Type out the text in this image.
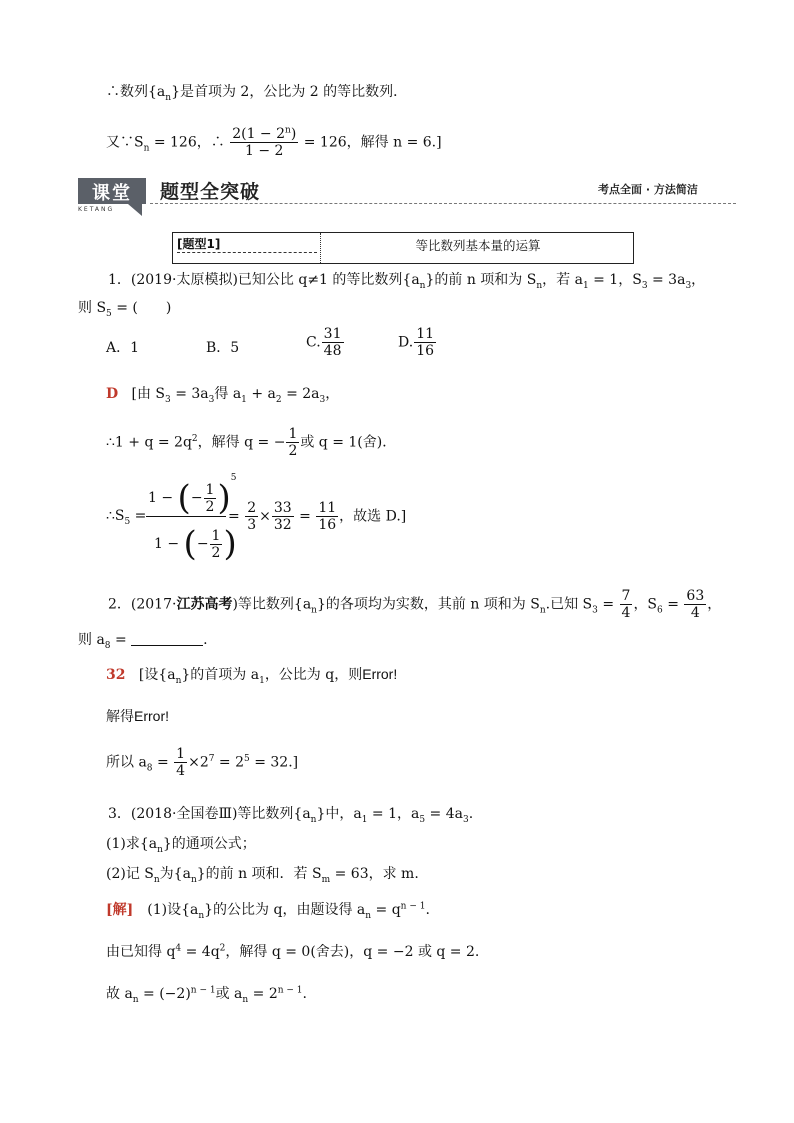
∴数列$\{a_n\}$是首项为 2，公比为 2 的等比数列．
又$\because S_n = 126$，∴ $\frac{2(1 - 2^n)}{1 - 2} = 126$，解得 n = 6.]
课堂
KETANG
题型全突破	考点全面 · 方法简洁
[题型1]	等比数列基本量的运算
1．(2019·太原模拟)已知公比 q≠1 的等比数列$\{a_n\}$的前 n 项和为 $S_n$，若 $a_1 = 1$，$S_3 = 3a_3$，
则 $S_5$ = (　　)
A．1	B．5	C. $\frac{31}{48}$	D. $\frac{11}{16}$
D [由 $S_3 = 3a_3$得 $a_1 + a_2 = 2a_3$，
∴1 + $q = 2q^2$，解得 q = − $\frac{1}{2}$ 或 q = 1(舍)．
$\therefore S_5$ =
1 − (− $\frac{1}{2} )^5$
1 − (− $\frac{1}{2}$ )
= $\frac{2}{3} \times \frac{33}{32} = \frac{11}{16}$ ，故选 D.]
2．(2017·江苏高考)等比数列$\{a_n\}$的各项均为实数，其前 n 项和为 $S_n$.已知 $S_3 = \frac{7}{4}$ ，$S_6 = \frac{63}{4}$ ，
则 $a_8$ =	.
32 [设$\{a_n\}$的首项为 $a_1$，公比为 q，则Error!
解得Error!
所以 $a_8 = \frac{1}{4} \times 2^7 = 2^5 = 32$.]
3．(2018·全国卷Ⅲ)等比数列$\{a_n\}$中，$a_1 = 1$，$a_5 = 4a_3$.
(1)求$\{a_n\}$的通项公式；
(2)记 $S_n$为$\{a_n\}$的前 n 项和．若 $S_m = 63$，求 m.
[解]　(1)设$\{a_n\}$的公比为 q，由题设得 $a_n = q^{n - 1}$.
由已知得 $q^4 = 4q^2$，解得 q = 0(舍去)，q = −2 或 q = 2.
故 $a_n = (-2)^{n - 1}$或 $a_n = 2^{n - 1}$.
